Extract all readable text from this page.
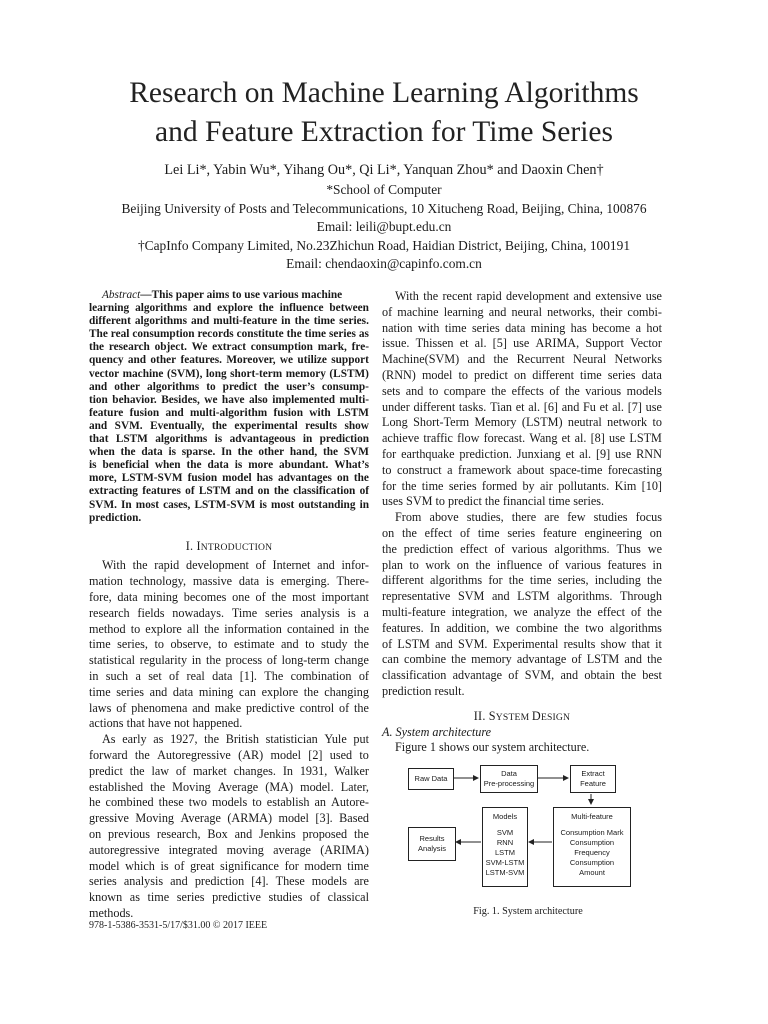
Research on Machine Learning Algorithms
and Feature Extraction for Time Series
Lei Li*, Yabin Wu*, Yihang Ou*, Qi Li*, Yanquan Zhou* and Daoxin Chen†
*School of Computer
Beijing University of Posts and Telecommunications, 10 Xitucheng Road, Beijing, China, 100876
Email: leili@bupt.edu.cn
†CapInfo Company Limited, No.23Zhichun Road, Haidian District, Beijing, China, 100191
Email: chendaoxin@capinfo.com.cn
Abstract —This paper aims to use various machine
learning algorithms and explore the influence between
different algorithms and multi-feature in the time series.
The real consumption records constitute the time series as
the research object. We extract consumption mark, fre-
quency and other features. Moreover, we utilize support
vector machine (SVM), long short-term memory (LSTM)
and other algorithms to predict the user’s consump-
tion behavior. Besides, we have also implemented multi-
feature fusion and multi-algorithm fusion with LSTM
and SVM. Eventually, the experimental results show
that LSTM algorithms is advantageous in prediction
when the data is sparse. In the other hand, the SVM
is beneficial when the data is more abundant. What’s
more, LSTM-SVM fusion model has advantages on the
extracting features of LSTM and on the classification of
SVM. In most cases, LSTM-SVM is most outstanding in
prediction.
I. INTRODUCTION
With the rapid development of Internet and infor-
mation technology, massive data is emerging. There-
fore, data mining becomes one of the most important
research fields nowadays. Time series analysis is a
method to explore all the information contained in the
time series, to observe, to estimate and to study the
statistical regularity in the process of long-term change
in such a set of real data [1]. The combination of
time series and data mining can explore the changing
laws of phenomena and make predictive control of the
actions that have not happened.
As early as 1927, the British statistician Yule put
forward the Autoregressive (AR) model [2] used to
predict the law of market changes. In 1931, Walker
established the Moving Average (MA) model. Later,
he combined these two models to establish an Autore-
gressive Moving Average (ARMA) model [3]. Based
on previous research, Box and Jenkins proposed the
autoregressive integrated moving average (ARIMA)
model which is of great significance for modern time
series analysis and prediction [4]. These models are
known as time series predictive studies of classical
methods.
With the recent rapid development and extensive use
of machine learning and neural networks, their combi-
nation with time series data mining has become a hot
issue. Thissen et al. [5] use ARIMA, Support Vector
Machine(SVM) and the Recurrent Neural Networks
(RNN) model to predict on different time series data
sets and to compare the effects of the various models
under different tasks. Tian et al. [6] and Fu et al. [7] use
Long Short-Term Memory (LSTM) neutral network to
achieve traffic flow forecast. Wang et al. [8] use LSTM
for earthquake prediction. Junxiang et al. [9] use RNN
to construct a framework about space-time forecasting
for the time series formed by air pollutants. Kim [10]
uses SVM to predict the financial time series.
From above studies, there are few studies focus
on the effect of time series feature engineering on
the prediction effect of various algorithms. Thus we
plan to work on the influence of various features in
different algorithms for the time series, including the
representative SVM and LSTM algorithms. Through
multi-feature integration, we analyze the effect of the
features. In addition, we combine the two algorithms
of LSTM and SVM. Experimental results show that it
can combine the memory advantage of LSTM and the
classification advantage of SVM, and obtain the best
prediction result.
II. SYSTEM DESIGN
A. System architecture
Figure 1 shows our system architecture.
Raw Data
Data
Pre-processing
Extract
Feature
Models
SVM
RNN
LSTM
SVM-LSTM
LSTM-SVM
Multi-feature
Consumption Mark
Consumption
Frequency
Consumption
Amount
Results
Analysis
Fig. 1. System architecture
978-1-5386-3531-5/17/$31.00 © 2017 IEEE
